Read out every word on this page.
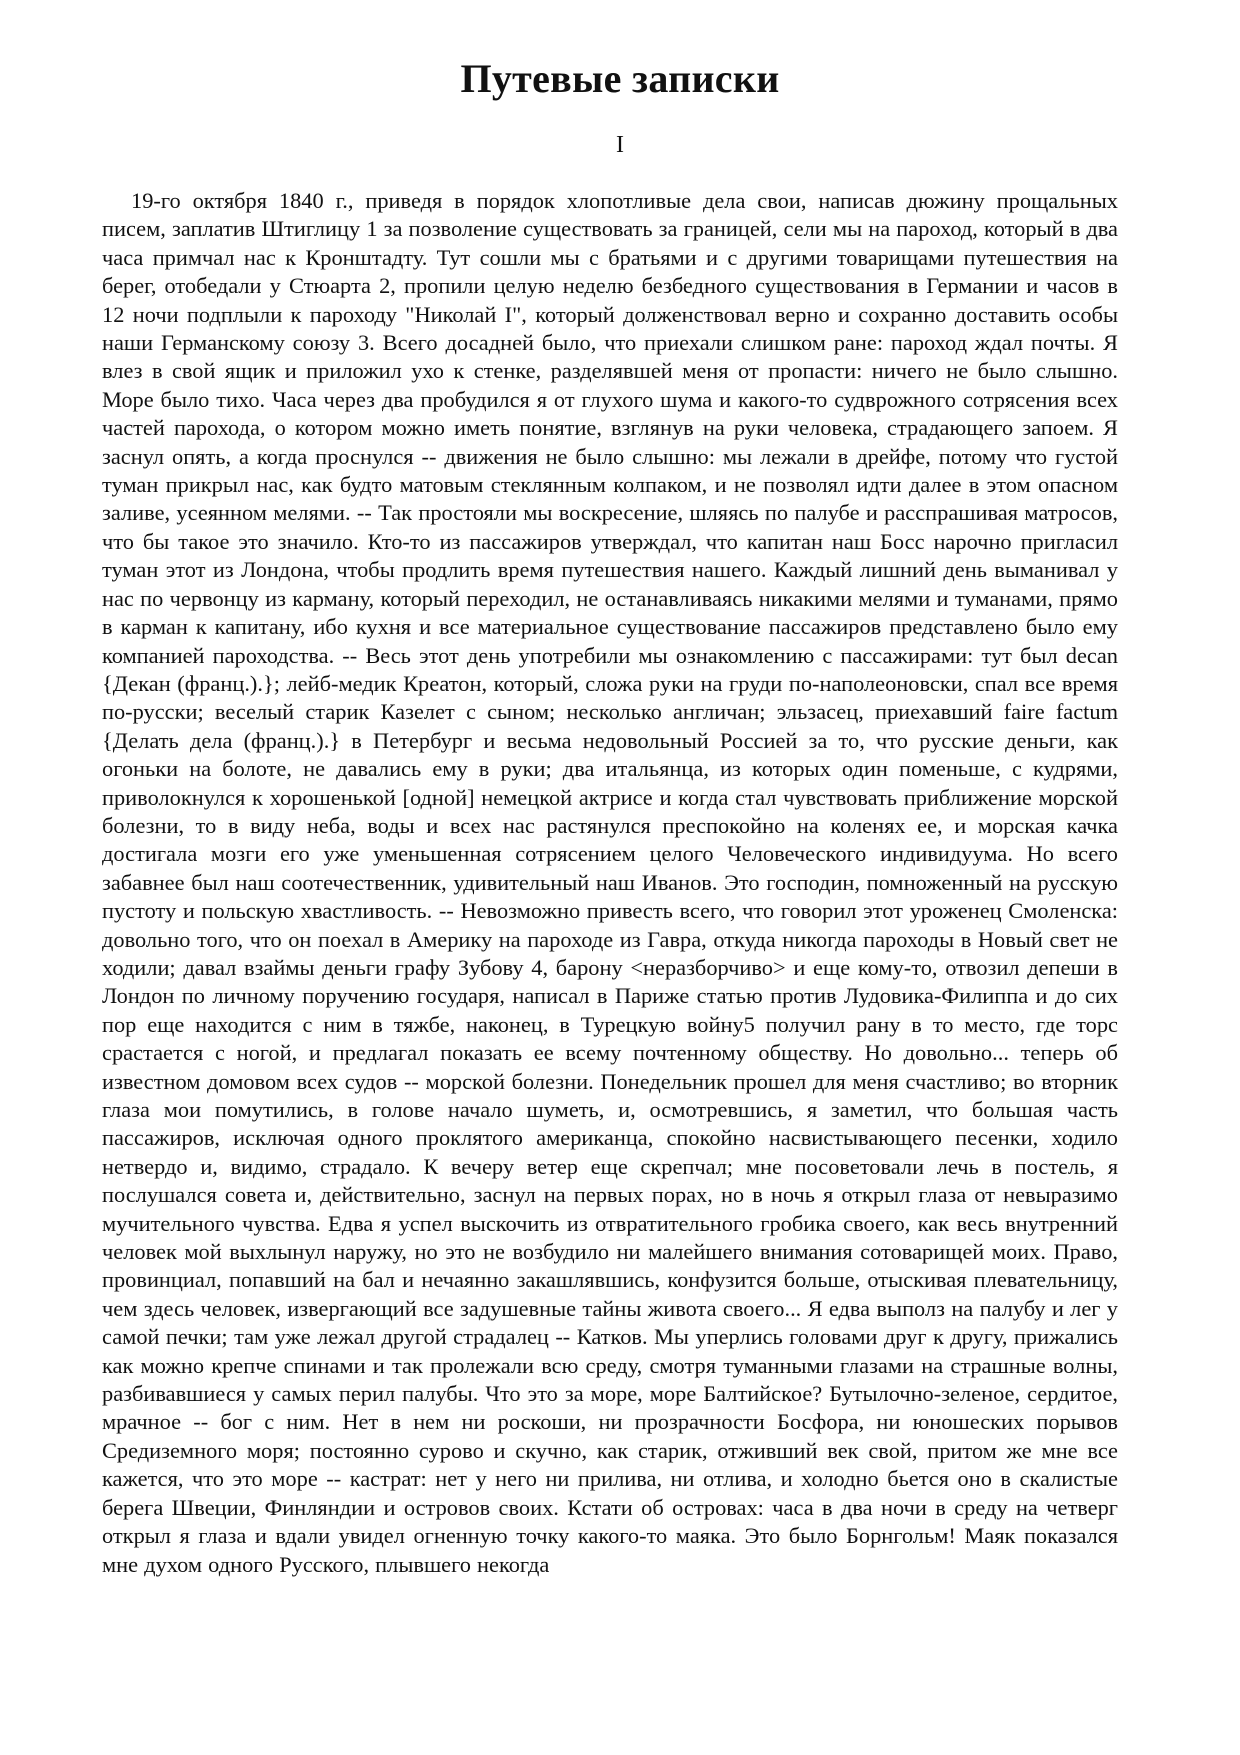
Путевые записки
I

19-го октября 1840 г., приведя в порядок хлопотливые дела свои, написав дюжину прощальных писем, заплатив Штиглицу 1 за позволение существовать за границей, сели мы на пароход, который в два часа примчал нас к Кронштадту. Тут сошли мы с братьями и с другими товарищами путешествия на берег, отобедали у Стюарта 2, пропили целую неделю безбедного существования в Германии и часов в 12 ночи подплыли к пароходу "Николай I", который долженствовал верно и сохранно доставить особы наши Германскому союзу 3. Всего досадней было, что приехали слишком ране: пароход ждал почты. Я влез в свой ящик и приложил ухо к стенке, разделявшей меня от пропасти: ничего не было слышно. Море было тихо. Часа через два пробудился я от глухого шума и какого-то судврожного сотрясения всех частей парохода, о котором можно иметь понятие, взглянув на руки человека, страдающего запоем. Я заснул опять, а когда проснулся -- движения не было слышно: мы лежали в дрейфе, потому что густой туман прикрыл нас, как будто матовым стеклянным колпаком, и не позволял идти далее в этом опасном заливе, усеянном мелями. -- Так простояли мы воскресение, шляясь по палубе и расспрашивая матросов, что бы такое это значило. Кто-то из пассажиров утверждал, что капитан наш Босс нарочно пригласил туман этот из Лондона, чтобы продлить время путешествия нашего. Каждый лишний день выманивал у нас по червонцу из карману, который переходил, не останавливаясь никакими мелями и туманами, прямо в карман к капитану, ибо кухня и все материальное существование пассажиров представлено было ему компанией пароходства. -- Весь этот день употребили мы ознакомлению с пассажирами: тут был decan {Декан (франц.).}; лейб-медик Креатон, который, сложа руки на груди по-наполеоновски, спал все время по-русски; веселый старик Казелет с сыном; несколько англичан; эльзасец, приехавший faire factum {Делать дела (франц.).} в Петербург и весьма недовольный Россией за то, что русские деньги, как огоньки на болоте, не давались ему в руки; два итальянца, из которых один поменьше, с кудрями, приволокнулся к хорошенькой [одной] немецкой актрисе и когда стал чувствовать приближение морской болезни, то в виду неба, воды и всех нас растянулся преспокойно на коленях ее, и морская качка достигала мозги его уже уменьшенная сотрясением целого Человеческого индивидуума. Но всего забавнее был наш соотечественник, удивительный наш Иванов. Это господин, помноженный на русскую пустоту и польскую хвастливость. -- Невозможно привесть всего, что говорил этот уроженец Смоленска: довольно того, что он поехал в Америку на пароходе из Гавра, откуда никогда пароходы в Новый свет не ходили; давал взаймы деньги графу Зубову 4, барону <неразборчиво> и еще кому-то, отвозил депеши в Лондон по личному поручению государя, написал в Париже статью против Лудовика-Филиппа и до сих пор еще находится с ним в тяжбе, наконец, в Турецкую войну5 получил рану в то место, где торс срастается с ногой, и предлагал показать ее всему почтенному обществу. Но довольно... теперь об известном домовом всех судов -- морской болезни. Понедельник прошел для меня счастливо; во вторник глаза мои помутились, в голове начало шуметь, и, осмотревшись, я заметил, что большая часть пассажиров, исключая одного проклятого американца, спокойно насвистывающего песенки, ходило нетвердо и, видимо, страдало. К вечеру ветер еще скрепчал; мне посоветовали лечь в постель, я послушался совета и, действительно, заснул на первых порах, но в ночь я открыл глаза от невыразимо мучительного чувства. Едва я успел выскочить из отвратительного гробика своего, как весь внутренний человек мой выхлынул наружу, но это не возбудило ни малейшего внимания сотоварищей моих. Право, провинциал, попавший на бал и нечаянно закашлявшись, конфузится больше, отыскивая плевательницу, чем здесь человек, извергающий все задушевные тайны живота своего... Я едва выполз на палубу и лег у самой печки; там уже лежал другой страдалец -- Катков. Мы уперлись головами друг к другу, прижались как можно крепче спинами и так пролежали всю среду, смотря туманными глазами на страшные волны, разбивавшиеся у самых перил палубы. Что это за море, море Балтийское? Бутылочно-зеленое, сердитое, мрачное -- бог с ним. Нет в нем ни роскоши, ни прозрачности Босфора, ни юношеских порывов Средиземного моря; постоянно сурово и скучно, как старик, отживший век свой, притом же мне все кажется, что это море -- кастрат: нет у него ни прилива, ни отлива, и холодно бьется оно в скалистые берега Швеции, Финляндии и островов своих. Кстати об островах: часа в два ночи в среду на четверг открыл я глаза и вдали увидел огненную точку какого-то маяка. Это было Борнгольм! Маяк показался мне духом одного Русского, плывшего некогда
